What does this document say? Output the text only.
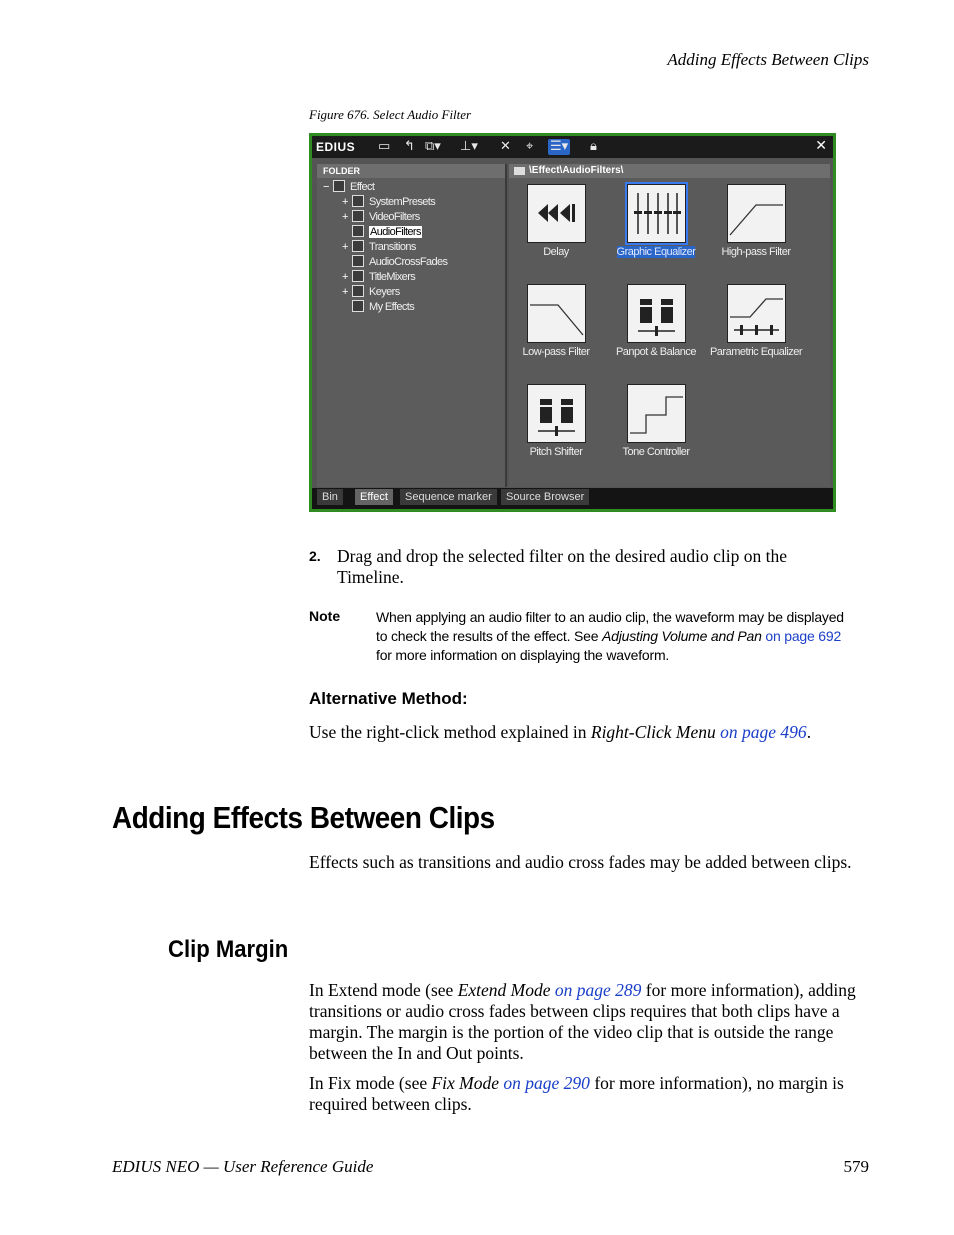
Adding Effects Between Clips
Figure 676. Select Audio Filter
EDIUS ▭ ↰ ⧉▾ ⊥▾ ✕ ⌖ ☰▾ 🔒︎	✕
FOLDER
− Effect
+ SystemPresets
+ VideoFilters
AudioFilters
+ Transitions
AudioCrossFades
+ TitleMixers
+ Keyers
My Effects
\Effect\AudioFilters\
Delay	Graphic Equalizer	High-pass Filter
Low-pass Filter	Panpot & Balance	Parametric Equalizer
Pitch Shifter	Tone Controller
Bin	Effect	Sequence marker	Source Browser
2. Drag and drop the selected filter on the desired audio clip on the Timeline.
Note	When applying an audio filter to an audio clip, the waveform may be displayed to check the results of the effect. See Adjusting Volume and Pan on page 692 for more information on displaying the waveform.
Alternative Method:
Use the right-click method explained in Right-Click Menu on page 496.
Adding Effects Between Clips
Effects such as transitions and audio cross fades may be added between clips.
Clip Margin
In Extend mode (see Extend Mode on page 289 for more information), adding transitions or audio cross fades between clips requires that both clips have a margin. The margin is the portion of the video clip that is outside the range between the In and Out points.
In Fix mode (see Fix Mode on page 290 for more information), no margin is required between clips.
EDIUS NEO — User Reference Guide	579
